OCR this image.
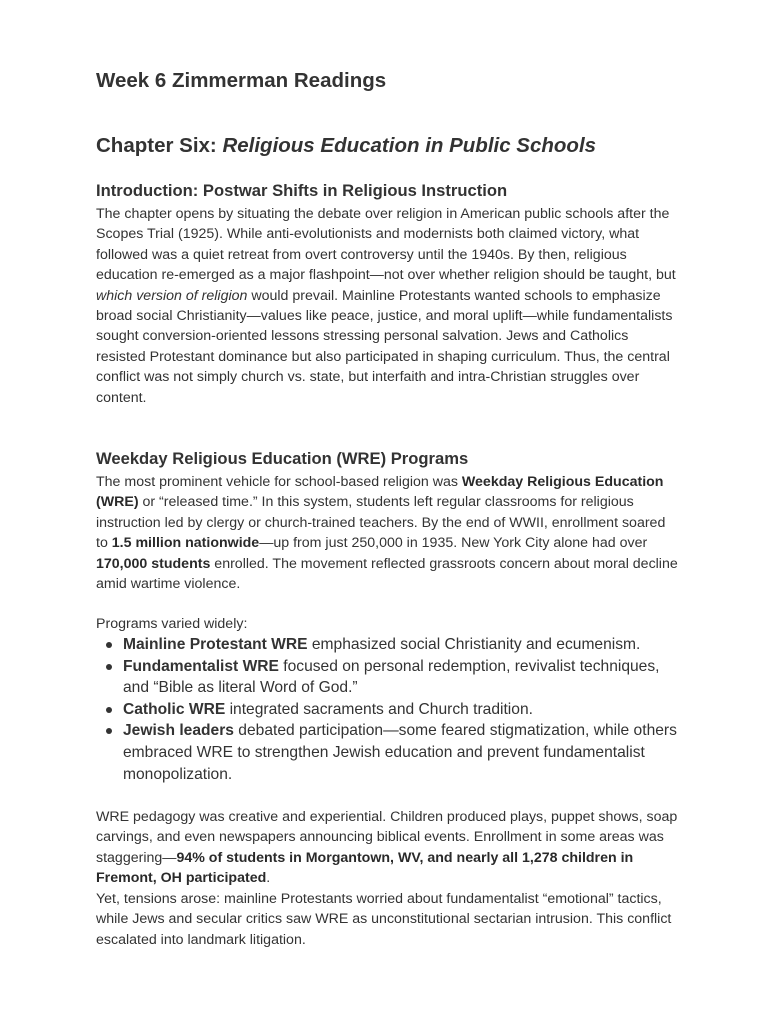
Week 6 Zimmerman Readings
Chapter Six: Religious Education in Public Schools
Introduction: Postwar Shifts in Religious Instruction

The chapter opens by situating the debate over religion in American public schools after the Scopes Trial (1925). While anti-evolutionists and modernists both claimed victory, what followed was a quiet retreat from overt controversy until the 1940s. By then, religious education re-emerged as a major flashpoint—not over whether religion should be taught, but which version of religion would prevail. Mainline Protestants wanted schools to emphasize broad social Christianity—values like peace, justice, and moral uplift—while fundamentalists sought conversion-oriented lessons stressing personal salvation. Jews and Catholics resisted Protestant dominance but also participated in shaping curriculum. Thus, the central conflict was not simply church vs. state, but interfaith and intra-Christian struggles over content.

Weekday Religious Education (WRE) Programs

The most prominent vehicle for school-based religion was Weekday Religious Education (WRE) or “released time.” In this system, students left regular classrooms for religious instruction led by clergy or church-trained teachers. By the end of WWII, enrollment soared to 1.5 million nationwide—up from just 250,000 in 1935. New York City alone had over 170,000 students enrolled. The movement reflected grassroots concern about moral decline amid wartime violence.

Programs varied widely:

Mainline Protestant WRE emphasized social Christianity and ecumenism.
Fundamentalist WRE focused on personal redemption, revivalist techniques, and “Bible as literal Word of God.”
Catholic WRE integrated sacraments and Church tradition.
Jewish leaders debated participation—some feared stigmatization, while others embraced WRE to strengthen Jewish education and prevent fundamentalist monopolization.

WRE pedagogy was creative and experiential. Children produced plays, puppet shows, soap carvings, and even newspapers announcing biblical events. Enrollment in some areas was staggering—94% of students in Morgantown, WV, and nearly all 1,278 children in Fremont, OH participated.

Yet, tensions arose: mainline Protestants worried about fundamentalist “emotional” tactics, while Jews and secular critics saw WRE as unconstitutional sectarian intrusion. This conflict escalated into landmark litigation.
